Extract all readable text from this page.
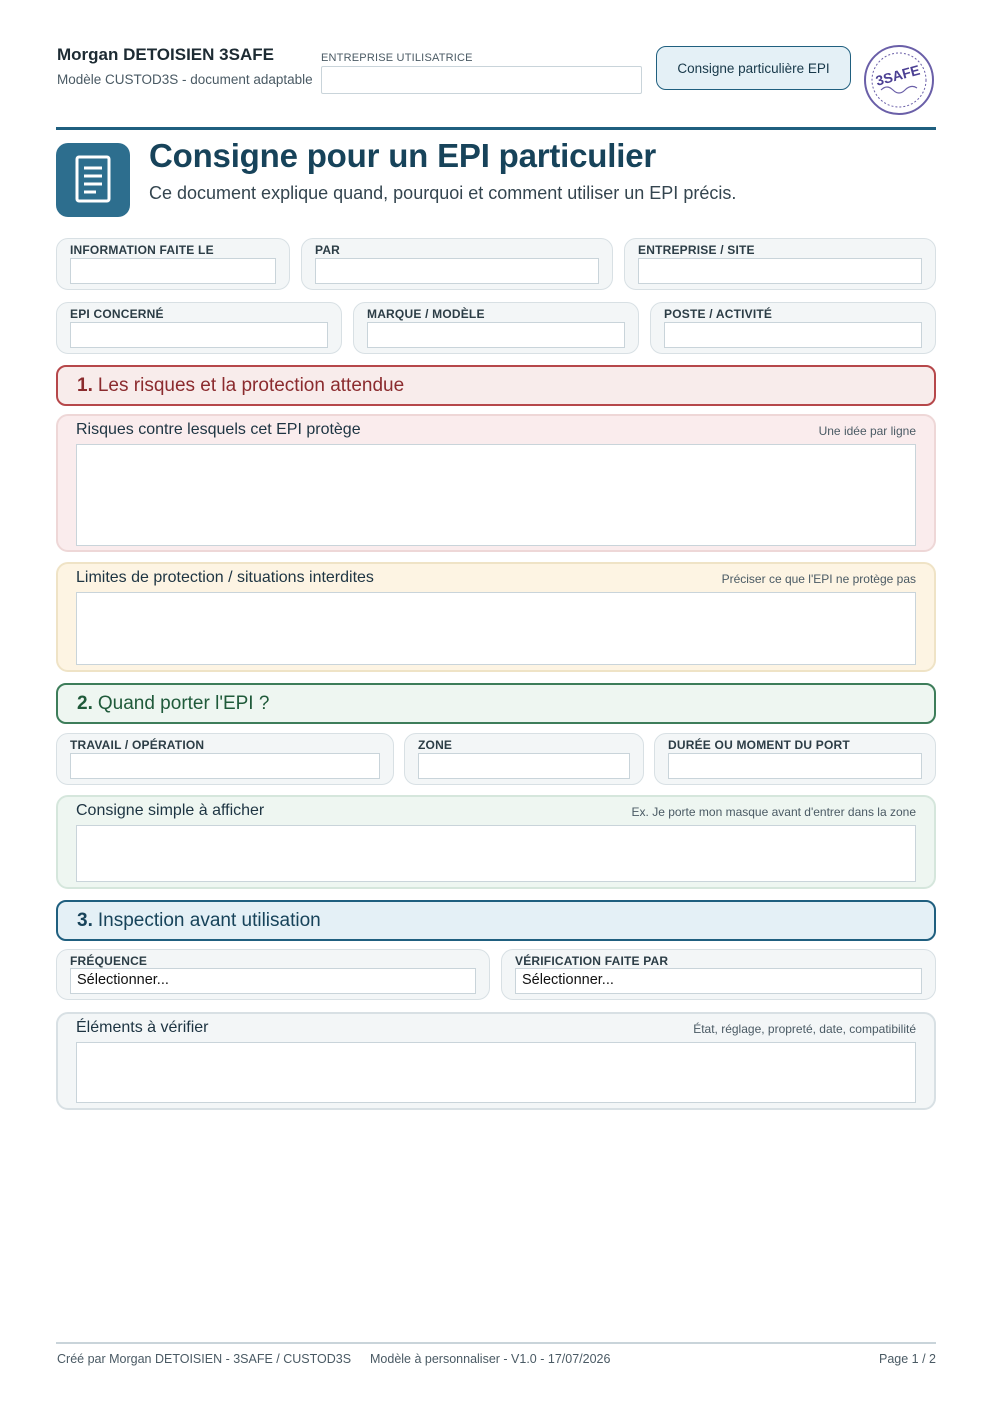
Morgan DETOISIEN 3SAFE
Modèle CUSTOD3S - document adaptable
ENTREPRISE UTILISATRICE
Consigne particulière EPI	3SAFE
Consigne pour un EPI particulier
Ce document explique quand, pourquoi et comment utiliser un EPI précis.
INFORMATION FAITE LE	PAR	ENTREPRISE / SITE
EPI CONCERNÉ	MARQUE / MODÈLE	POSTE / ACTIVITÉ
1. Les risques et la protection attendue
Risques contre lesquels cet EPI protège	Une idée par ligne
Limites de protection / situations interdites	Préciser ce que l'EPI ne protège pas
2. Quand porter l'EPI ?
TRAVAIL / OPÉRATION	ZONE	DURÉE OU MOMENT DU PORT
Consigne simple à afficher	Ex. Je porte mon masque avant d'entrer dans la zone
3. Inspection avant utilisation
FRÉQUENCE
Sélectionner...
VÉRIFICATION FAITE PAR
Sélectionner...
Éléments à vérifier	État, réglage, propreté, date, compatibilité
Créé par Morgan DETOISIEN - 3SAFE / CUSTOD3S Modèle à personnaliser - V1.0 - 17/07/2026	Page 1 / 2
